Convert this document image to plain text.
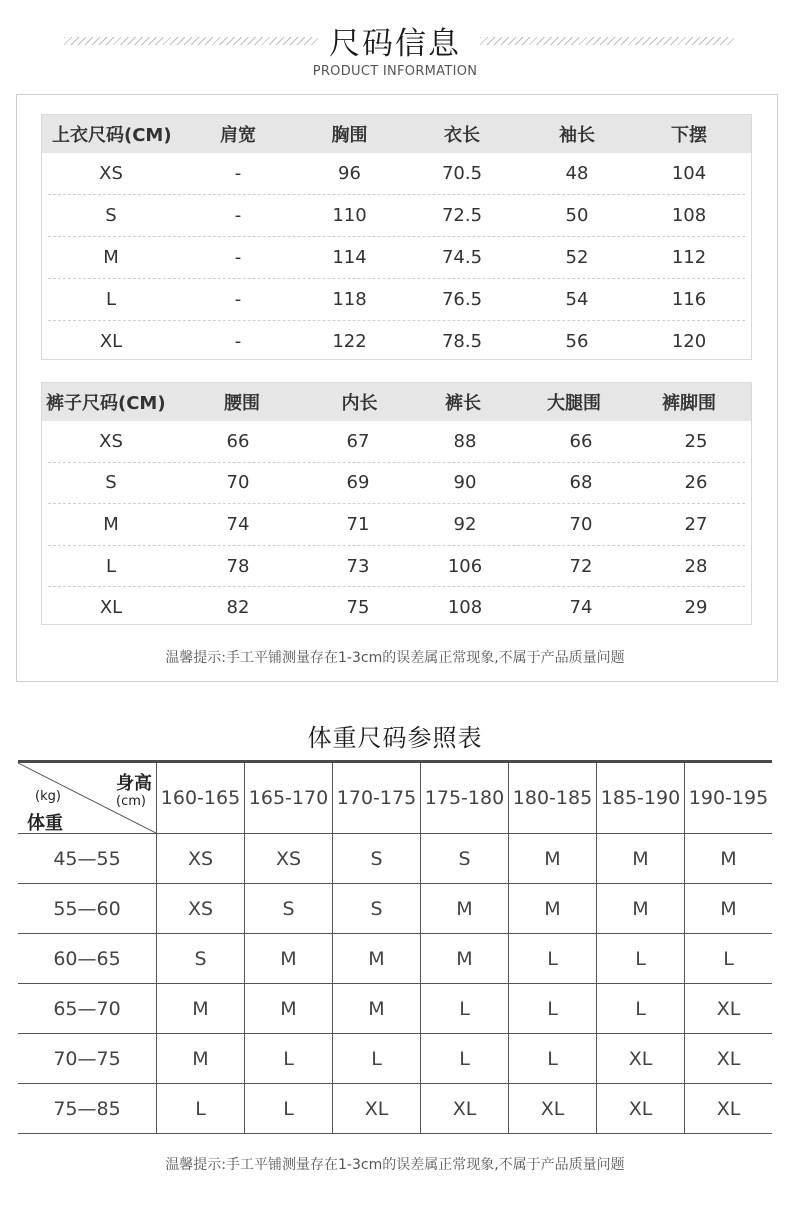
尺码信息
PRODUCT INFORMATION
上衣尺码(CM)	肩宽	胸围	衣长	袖长	下摆
XS	-	96	70.5	48	104
S	-	110	72.5	50	108
M	-	114	74.5	52	112
L	-	118	76.5	54	116
XL	-	122	78.5	56	120
裤子尺码(CM)	腰围	内长	裤长	大腿围	裤脚围
XS	66	67	88	66	25
S	70	69	90	68	26
M	74	71	92	70	27
L	78	73	106	72	28
XL	82	75	108	74	29
温馨提示:手工平铺测量存在1-3cm的误差属正常现象,不属于产品质量问题
体重尺码参照表
身高
(cm)
(kg)
体重	160-165	165-170	170-175	175-180	180-185	185-190	190-195
45—55	XS	XS	S	S	M	M	M
55—60	XS	S	S	M	M	M	M
60—65	S	M	M	M	L	L	L
65—70	M	M	M	L	L	L	XL
70—75	M	L	L	L	L	XL	XL
75—85	L	L	XL	XL	XL	XL	XL
温馨提示:手工平铺测量存在1-3cm的误差属正常现象,不属于产品质量问题
